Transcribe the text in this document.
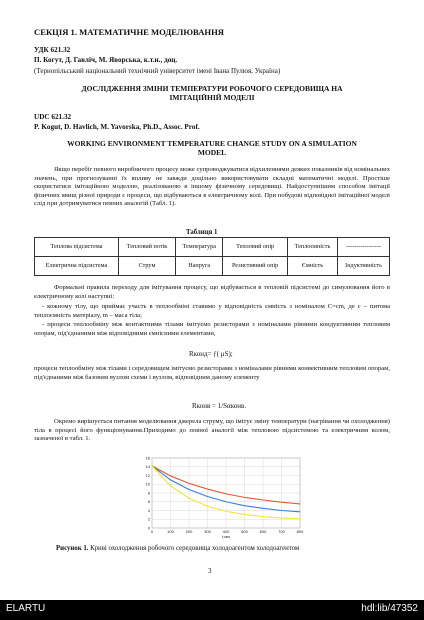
СЕКЦІЯ 1. МАТЕМАТИЧНЕ МОДЕЛЮВАННЯ
УДК 621.32
П. Когут, Д. Гавліч, М. Яворська, к.т.н., доц.
(Тернопільський національний технічний університет імені Івана Пулюя, Україна)
ДОСЛІДЖЕННЯ ЗМІНИ ТЕМПЕРАТУРИ РОБОЧОГО СЕРЕДОВИЩА НА ІМІТАЦІЙНІЙ МОДЕЛІ
UDC 621.32
P. Kogut, D. Havlich, M. Yavorska, Ph.D., Assoc. Prof.
WORKING ENVIRONMENT TEMPERATURE CHANGE STUDY ON A SIMULATION MODEL
Якщо перебіг певного виробничого процесу може супроводжуватися відхиленнями деяких показників від номінальних значень, при прогнозуванні їх впливу не завжди доцільно використовувати складні математичні моделі. Простіше скористатися імітаційною моделлю, реалізованою в іншому фізичному середовищі. Найдоступнішим способом імітації фізичних явищ різної природи є процеси, що відбуваються в електричному колі. При побудові відповідної імітаційної моделі слід при дотримуватися певних аналогій (Табл. 1).
Таблиця 1
Теплова підсистема	Тепловий потік	Температура	Тепловий опір	Теплоємність	-----------------
Електрична підсистема	Струм	Напруга	Резистивний опір	Ємність	Індуктивність
Формальні правила переходу для імітування процесу, що відбувається в тепловій підсистемі до симулювання його в електричному колі наступні:
- кожному тілу, що приймає участь в теплообміні ставимо у відповідність ємність з номіналом C=cm, де c – питома теплоємність матеріалу, m – маса тіла;
- процеси теплообміну між контактними тілами імітуємо резисторами з номіналами рівними кондуктивним тепловим опорам, під'єднаними між відповідними ємнісними елементами,
Rконд= ƒ( μS);
процеси теплообміну між тілами і середовищем імітуємо резисторами з номіналами рівними конвективним тепловим опорам, під'єднаними між базовим вузлом схеми і вузлом, відповідним даному елементу
Rконв = 1/Sαконв.
Окремо вирішується питання моделювання джерела струму, що імітує зміну температури (нагрівання чи охолодження) тіла в процесі його функціонування.Приходимо до повної аналогії між тепловою підсистемою та електричним колом, зазначеної в табл. 1.
0
2
4
6
8
10
12
14
16
0	100	200	300	400	500	600	700	800
t,мм
Рисунок 1. Криві охолодження робочого середовища холодоагентом холодоагентом
3
ELARTU	hdl:lib/47352
